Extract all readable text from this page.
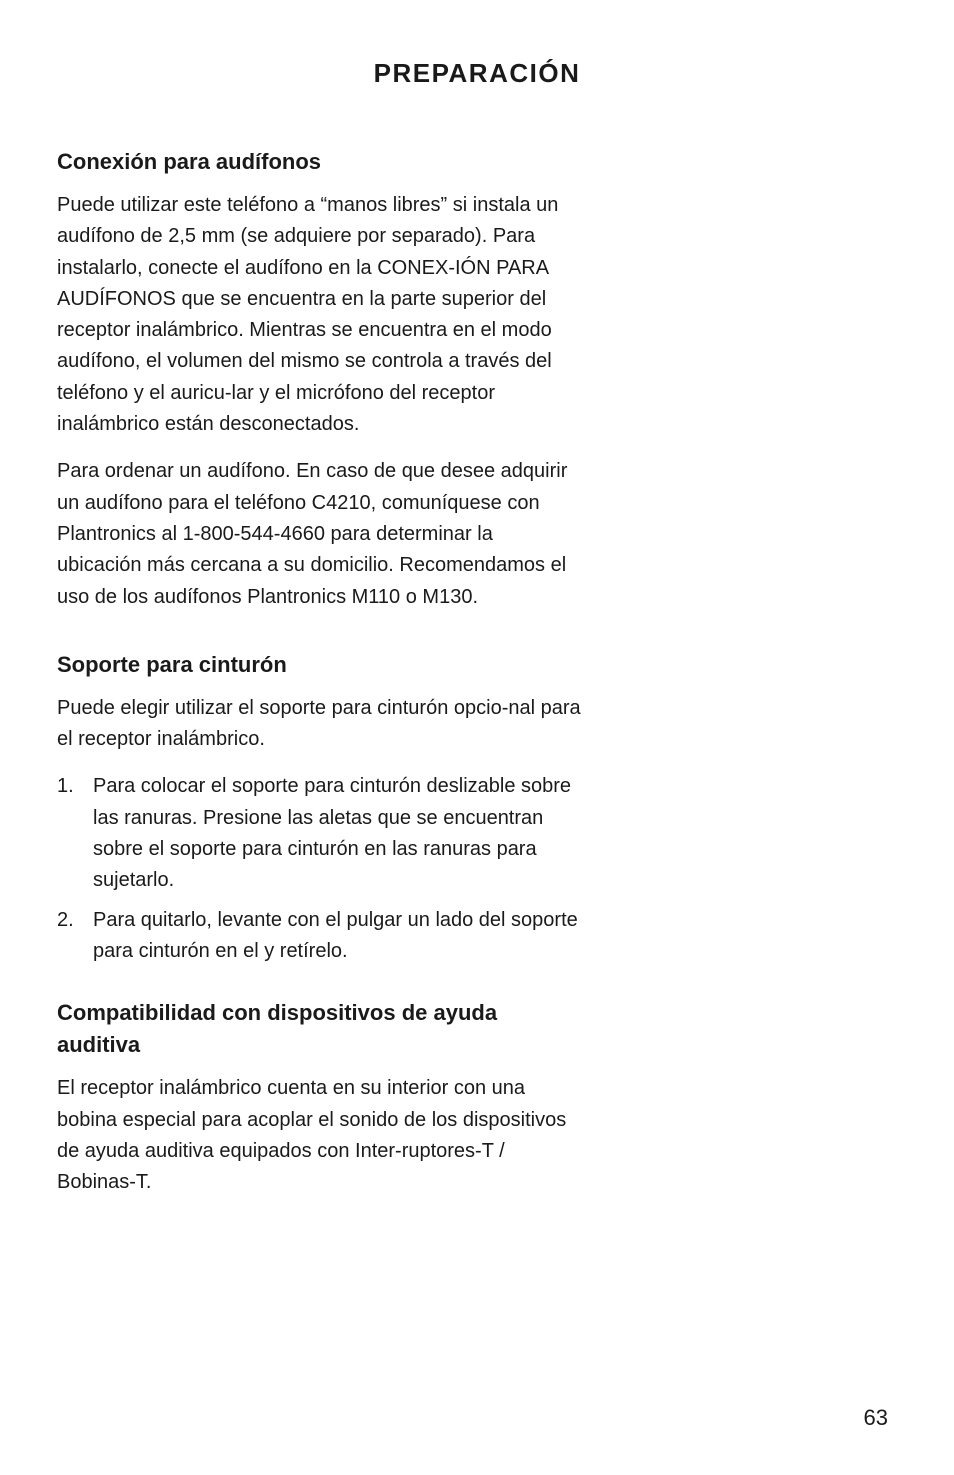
PREPARACIÓN
Conexión para audífonos

Puede utilizar este teléfono a “manos libres” si instala un audífono de 2,5 mm (se adquiere por separado). Para instalarlo, conecte el audífono en la CONEX-IÓN PARA AUDÍFONOS que se encuentra en la parte superior del receptor inalámbrico. Mientras se encuentra en el modo audífono, el volumen del mismo se controla a través del teléfono y el auricu-lar y el micrófono del receptor inalámbrico están desconectados.

Para ordenar un audífono. En caso de que desee adquirir un audífono para el teléfono C4210, comuníquese con Plantronics al 1-800-544-4660 para determinar la ubicación más cercana a su domicilio. Recomendamos el uso de los audífonos Plantronics M110 o M130.

Soporte para cinturón

Puede elegir utilizar el soporte para cinturón opcio-nal para el receptor inalámbrico.

1. Para colocar el soporte para cinturón deslizable sobre las ranuras. Presione las aletas que se encuentran sobre el soporte para cinturón en las ranuras para sujetarlo.
2. Para quitarlo, levante con el pulgar un lado del soporte para cinturón en el y retírelo.
Compatibilidad con dispositivos de ayuda auditiva

El receptor inalámbrico cuenta en su interior con una bobina especial para acoplar el sonido de los dispositivos de ayuda auditiva equipados con Inter-ruptores-T / Bobinas-T.

63
